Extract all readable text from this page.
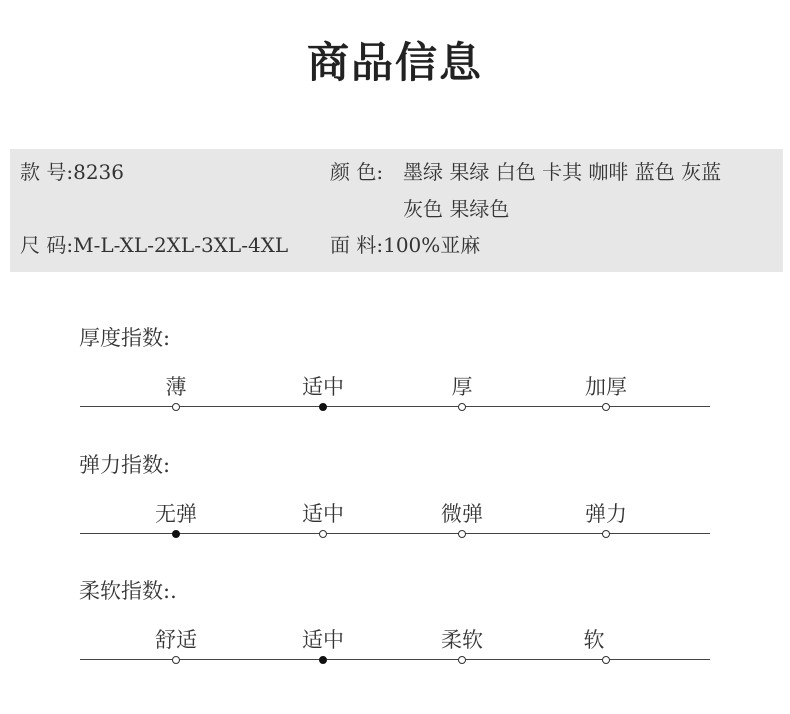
商品信息
款 号:8236	颜 色: 墨绿 果绿 白色 卡其 咖啡 蓝色 灰蓝
灰色 果绿色
尺 码:M-L-XL-2XL-3XL-4XL 面 料:100%亚麻
厚度指数:
薄	适中	厚	加厚
弹力指数:
无弹	适中	微弹	弹力
柔软指数:.
舒适	适中	柔软	软
